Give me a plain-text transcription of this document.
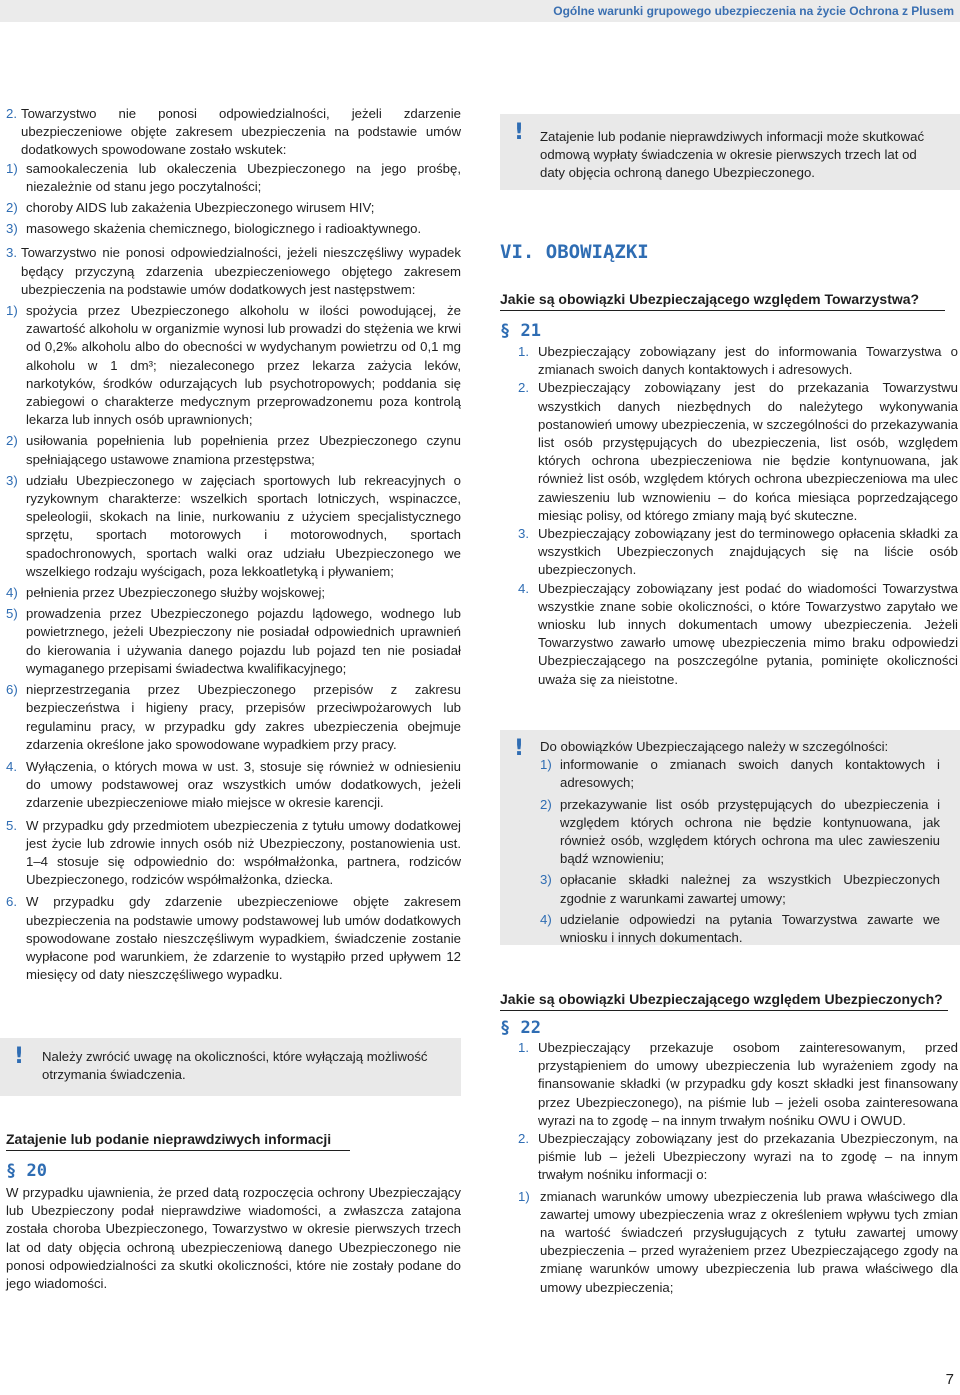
Ogólne warunki grupowego ubezpieczenia na życie Ochrona z Plusem
2. Towarzystwo nie ponosi odpowiedzialności, jeżeli zdarzenie ubezpieczeniowe objęte zakresem ubezpieczenia na podstawie umów dodatkowych spowodowane zostało wskutek:
1) samookaleczenia lub okaleczenia Ubezpieczonego na jego prośbę, niezależnie od stanu jego poczytalności;
2) choroby AIDS lub zakażenia Ubezpieczonego wirusem HIV;
3) masowego skażenia chemicznego, biologicznego i radioaktywnego.
3. Towarzystwo nie ponosi odpowiedzialności, jeżeli nieszczęśliwy wypadek będący przyczyną zdarzenia ubezpieczeniowego objętego zakresem ubezpieczenia na podstawie umów dodatkowych jest następstwem:
1) spożycia przez Ubezpieczonego alkoholu w ilości powodującej, że zawartość alkoholu w organizmie wynosi lub prowadzi do stężenia we krwi od 0,2‰ alkoholu albo do obecności w wydychanym powietrzu od 0,1 mg alkoholu w 1 dm³; niezaleconego przez lekarza zażycia leków, narkotyków, środków odurzających lub psychotropowych; poddania się zabiegowi o charakterze medycznym przeprowadzonemu poza kontrolą lekarza lub innych osób uprawnionych;
2) usiłowania popełnienia lub popełnienia przez Ubezpieczonego czynu spełniającego ustawowe znamiona przestępstwa;
3) udziału Ubezpieczonego w zajęciach sportowych lub rekreacyjnych o ryzykownym charakterze: wszelkich sportach lotniczych, wspinaczce, speleologii, skokach na linie, nurkowaniu z użyciem specjalistycznego sprzętu, sportach motorowych i motorowodnych, sportach spadochronowych, sportach walki oraz udziału Ubezpieczonego we wszelkiego rodzaju wyścigach, poza lekkoatletyką i pływaniem;
4) pełnienia przez Ubezpieczonego służby wojskowej;
5) prowadzenia przez Ubezpieczonego pojazdu lądowego, wodnego lub powietrznego, jeżeli Ubezpieczony nie posiadał odpowiednich uprawnień do kierowania i używania danego pojazdu lub pojazd ten nie posiadał wymaganego przepisami świadectwa kwalifikacyjnego;
6) nieprzestrzegania przez Ubezpieczonego przepisów z zakresu bezpieczeństwa i higieny pracy, przepisów przeciwpożarowych lub regulaminu pracy, w przypadku gdy zakres ubezpieczenia obejmuje zdarzenia określone jako spowodowane wypadkiem przy pracy.
4. Wyłączenia, o których mowa w ust. 3, stosuje się również w odniesieniu do umowy podstawowej oraz wszystkich umów dodatkowych, jeżeli zdarzenie ubezpieczeniowe miało miejsce w okresie karencji.
5. W przypadku gdy przedmiotem ubezpieczenia z tytułu umowy dodatkowej jest życie lub zdrowie innych osób niż Ubezpieczony, postanowienia ust. 1–4 stosuje się odpowiednio do: współmałżonka, partnera, rodziców Ubezpieczonego, rodziców współmałżonka, dziecka.
6. W przypadku gdy zdarzenie ubezpieczeniowe objęte zakresem ubezpieczenia na podstawie umowy podstawowej lub umów dodatkowych spowodowane zostało nieszczęśliwym wypadkiem, świadczenie zostanie wypłacone pod warunkiem, że zdarzenie to wystąpiło przed upływem 12 miesięcy od daty nieszczęśliwego wypadku.
! Należy zwrócić uwagę na okoliczności, które wyłączają możliwość otrzymania świadczenia.
Zatajenie lub podanie nieprawdziwych informacji
§ 20
W przypadku ujawnienia, że przed datą rozpoczęcia ochrony Ubezpieczający lub Ubezpieczony podał nieprawdziwe wiadomości, a zwłaszcza zatajona została choroba Ubezpieczonego, Towarzystwo w okresie pierwszych trzech lat od daty objęcia ochroną ubezpieczeniową danego Ubezpieczonego nie ponosi odpowiedzialności za skutki okoliczności, które nie zostały podane do jego wiadomości.
! Zatajenie lub podanie nieprawdziwych informacji może skutkować odmową wypłaty świadczenia w okresie pierwszych trzech lat od daty objęcia ochroną danego Ubezpieczonego.
VI. OBOWIĄZKI
Jakie są obowiązki Ubezpieczającego względem Towarzystwa?
§ 21
1. Ubezpieczający zobowiązany jest do informowania Towarzystwa o zmianach swoich danych kontaktowych i adresowych.
2. Ubezpieczający zobowiązany jest do przekazania Towarzystwu wszystkich danych niezbędnych do należytego wykonywania postanowień umowy ubezpieczenia, w szczególności do przekazywania list osób przystępujących do ubezpieczenia, list osób, względem których ochrona ubezpieczeniowa nie będzie kontynuowana, jak również list osób, względem których ochrona ubezpieczeniowa ma ulec zawieszeniu lub wznowieniu – do końca miesiąca poprzedzającego miesiąc polisy, od którego zmiany mają być skuteczne.
3. Ubezpieczający zobowiązany jest do terminowego opłacenia składki za wszystkich Ubezpieczonych znajdujących się na liście osób ubezpieczonych.
4. Ubezpieczający zobowiązany jest podać do wiadomości Towarzystwa wszystkie znane sobie okoliczności, o które Towarzystwo zapytało we wniosku lub innych dokumentach umowy ubezpieczenia. Jeżeli Towarzystwo zawarło umowę ubezpieczenia mimo braku odpowiedzi Ubezpieczającego na poszczególne pytania, pominięte okoliczności uważa się za nieistotne.
! Do obowiązków Ubezpieczającego należy w szczególności:
1) informowanie o zmianach swoich danych kontaktowych i adresowych;
2) przekazywanie list osób przystępujących do ubezpieczenia i względem których ochrona nie będzie kontynuowana, jak również osób, względem których ochrona ma ulec zawieszeniu bądź wznowieniu;
3) opłacanie składki należnej za wszystkich Ubezpieczonych zgodnie z warunkami zawartej umowy;
4) udzielanie odpowiedzi na pytania Towarzystwa zawarte we wniosku i innych dokumentach.
Jakie są obowiązki Ubezpieczającego względem Ubezpieczonych?
§ 22
1. Ubezpieczający przekazuje osobom zainteresowanym, przed przystąpieniem do umowy ubezpieczenia lub wyrażeniem zgody na finansowanie składki (w przypadku gdy koszt składki jest finansowany przez Ubezpieczonego), na piśmie lub – jeżeli osoba zainteresowana wyrazi na to zgodę – na innym trwałym nośniku OWU i OWUD.
2. Ubezpieczający zobowiązany jest do przekazania Ubezpieczonym, na piśmie lub – jeżeli Ubezpieczony wyrazi na to zgodę – na innym trwałym nośniku informacji o:
1) zmianach warunków umowy ubezpieczenia lub prawa właściwego dla zawartej umowy ubezpieczenia wraz z określeniem wpływu tych zmian na wartość świadczeń przysługujących z tytułu zawartej umowy ubezpieczenia – przed wyrażeniem przez Ubezpieczającego zgody na zmianę warunków umowy ubezpieczenia lub prawa właściwego dla umowy ubezpieczenia;
7
